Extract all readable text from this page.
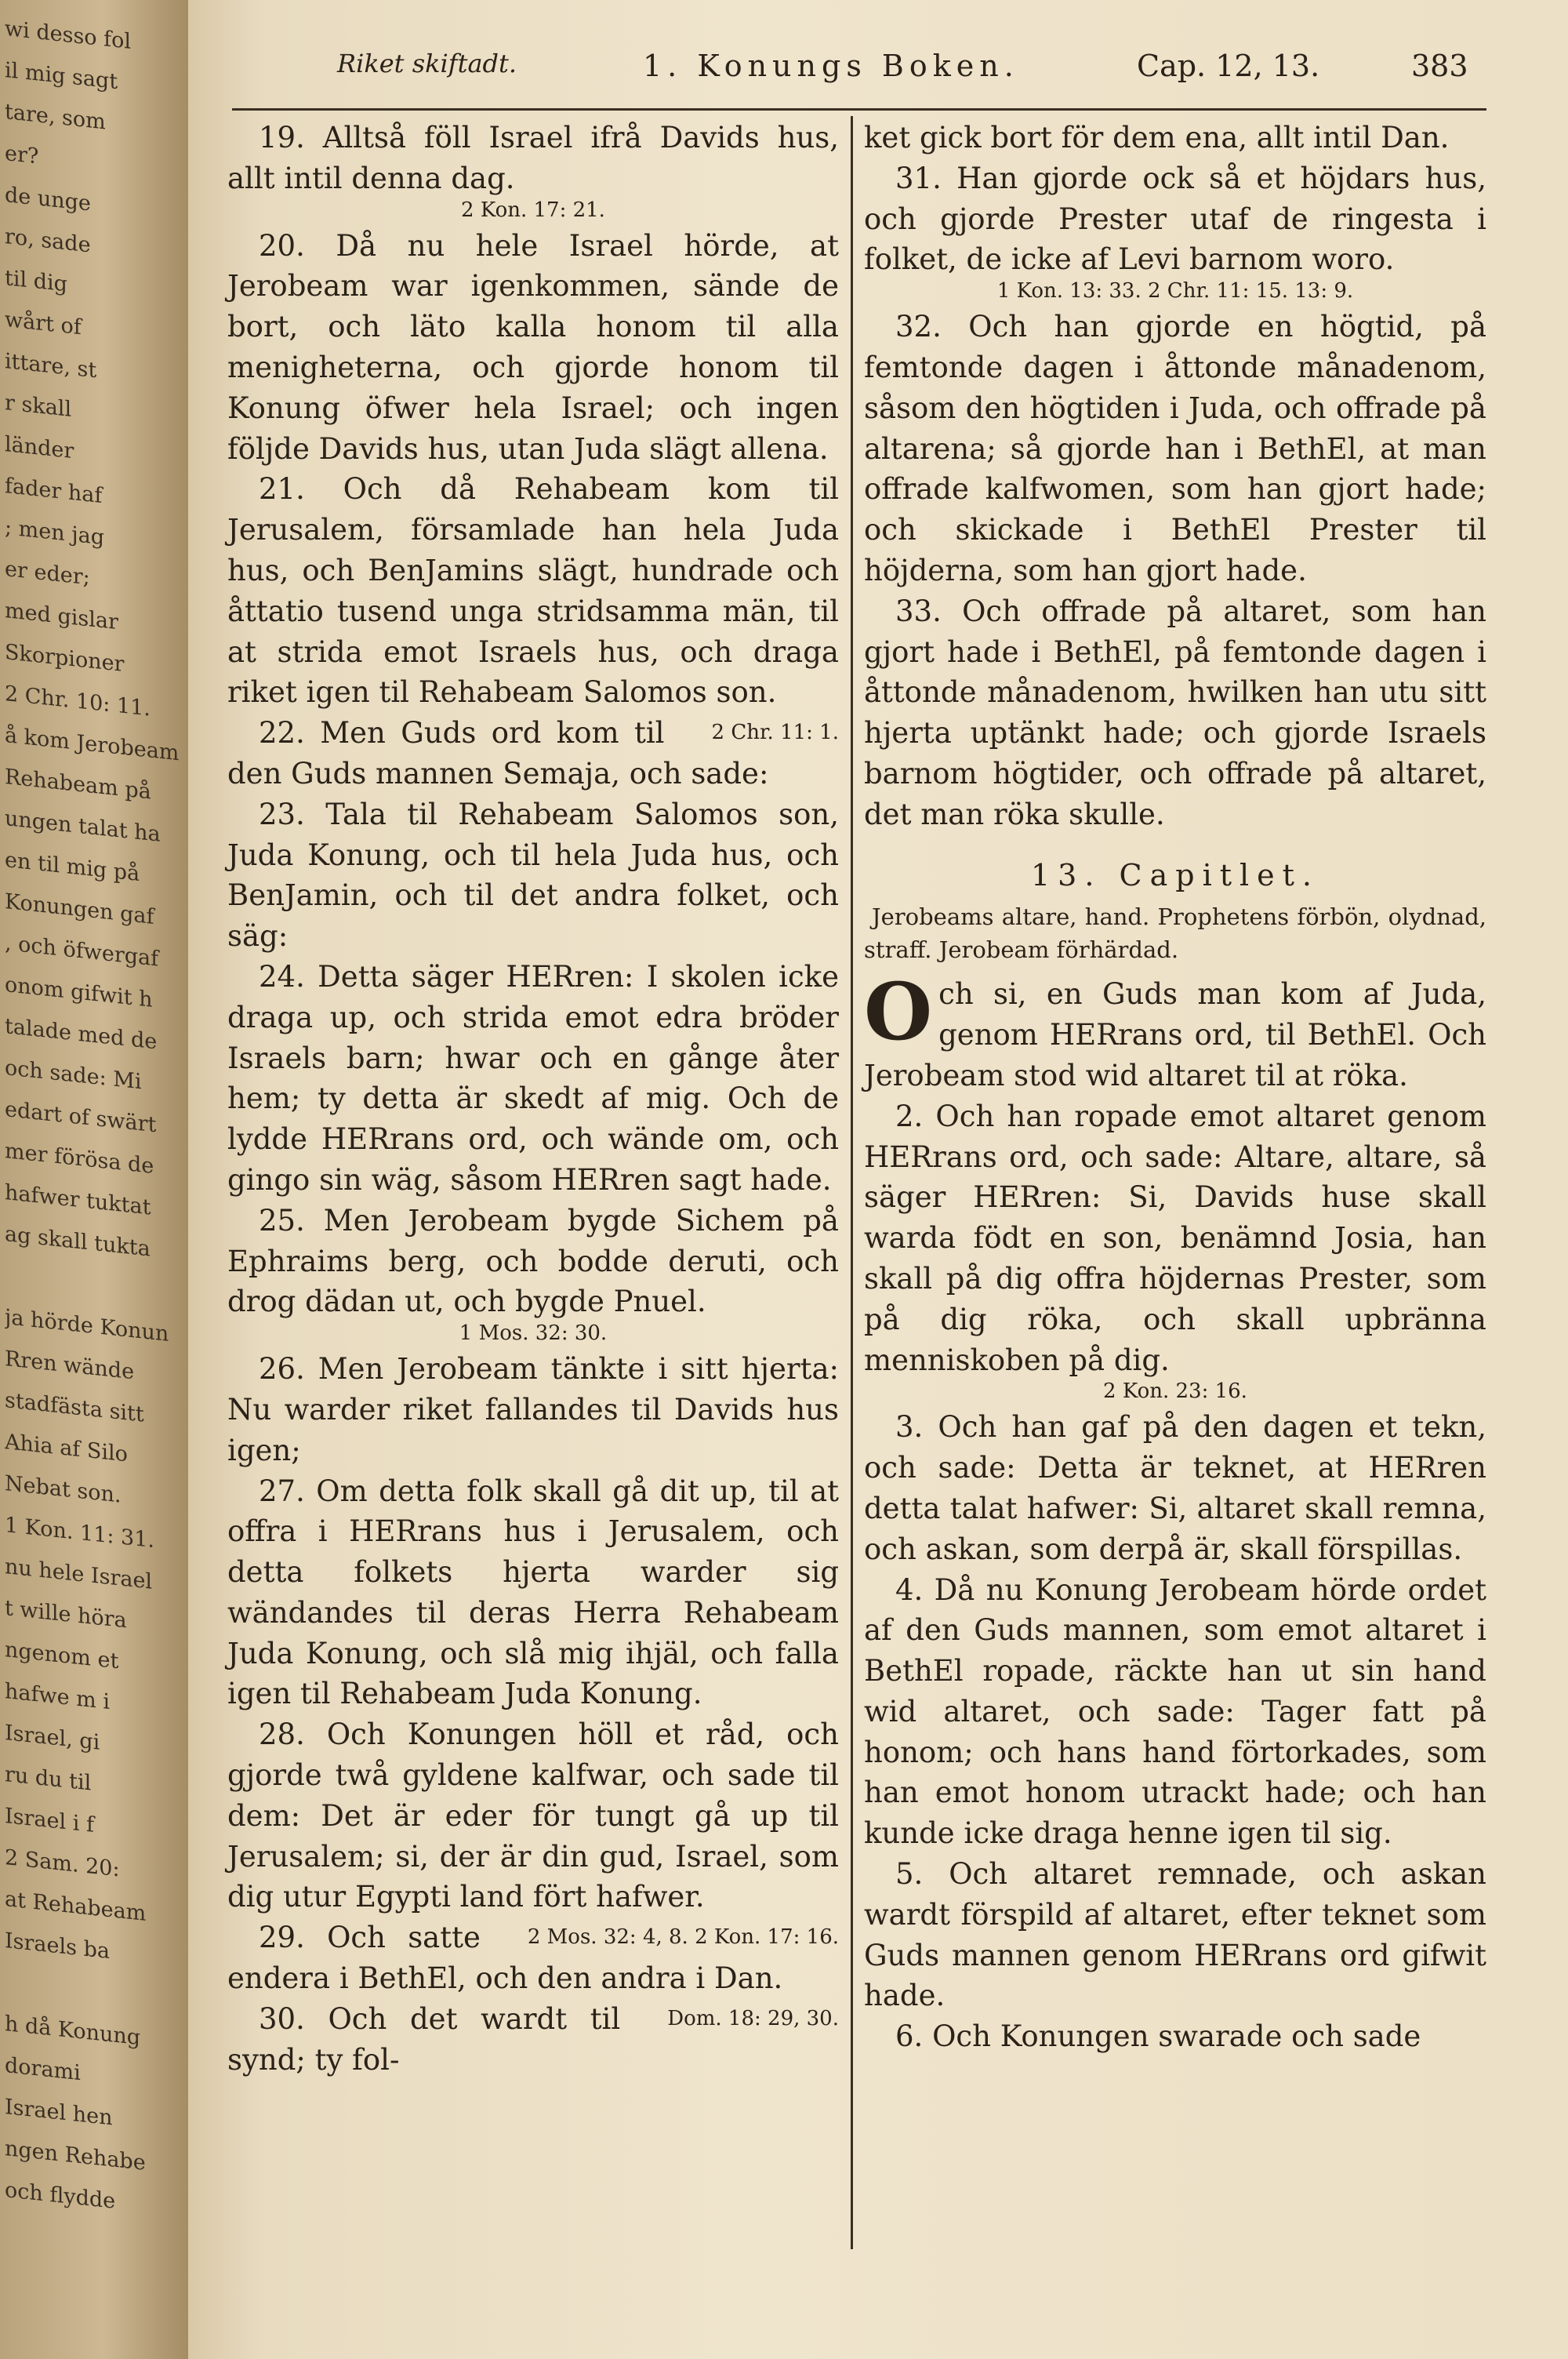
wi desso fol
il mig sagt
tare, som
er?
de unge
ro, sade
til dig
wårt of
ittare, st
r skall
länder
fader haf
; men jag
er eder;
med gislar
Skorpioner
2 Chr. 10: 11.
å kom Jerobeam
Rehabeam på
ungen talat ha
en til mig på
Konungen gaf
, och öfwergaf
onom gifwit h
talade med de
och sade: Mi
edart of swärt
mer förösa de
hafwer tuktat
ag skall tukta
ja hörde Konun
Rren wände
stadfästa sitt
Ahia af Silo
Nebat son.
1 Kon. 11: 31.
nu hele Israel
t wille höra
ngenom et
hafwe m i
Israel, gi
ru du til
Israel i f
2 Sam. 20:
at Rehabeam
Israels ba
h då Konung
dorami
Israel hen
ngen Rehabe
och flydde
Riket skiftadt.	1. Konungs Boken.	Cap. 12, 13.	383

19. Alltså föll Israel ifrå Davids hus, allt intil denna dag.

2 Kon. 17: 21.

20. Då nu hele Israel hörde, at Jerobeam war igenkommen, sände de bort, och läto kalla honom til alla menigheterna, och gjorde honom til Konung öfwer hela Israel; och ingen följde Davids hus, utan Juda slägt allena.

21. Och då Rehabeam kom til Jerusalem, församlade han hela Juda hus, och BenJamins slägt, hundrade och åttatio tusend unga stridsamma män, til at strida emot Israels hus, och draga riket igen til Rehabeam Salomos son.
2 Chr. 11: 1.

22. Men Guds ord kom til den Guds mannen Semaja, och sade:

23. Tala til Rehabeam Salomos son, Juda Konung, och til hela Juda hus, och BenJamin, och til det andra folket, och säg:

24. Detta säger HERren: I skolen icke draga up, och strida emot edra bröder Israels barn; hwar och en gånge åter hem; ty detta är skedt af mig. Och de lydde HERrans ord, och wände om, och gingo sin wäg, såsom HERren sagt hade.

25. Men Jerobeam bygde Sichem på Ephraims berg, och bodde deruti, och drog dädan ut, och bygde Pnuel.

1 Mos. 32: 30.

26. Men Jerobeam tänkte i sitt hjerta: Nu warder riket fallandes til Davids hus igen;

27. Om detta folk skall gå dit up, til at offra i HERrans hus i Jerusalem, och detta folkets hjerta warder sig wändandes til deras Herra Rehabeam Juda Konung, och slå mig ihjäl, och falla igen til Rehabeam Juda Konung.

28. Och Konungen höll et råd, och gjorde twå gyldene kalfwar, och sade til dem: Det är eder för tungt gå up til Jerusalem; si, der är din gud, Israel, som dig utur Egypti land fört hafwer.
2 Mos. 32: 4, 8. 2 Kon. 17: 16.

29. Och satte endera i BethEl, och den andra i Dan.
Dom. 18: 29, 30.

30. Och det wardt til synd; ty fol-

ket gick bort för dem ena, allt intil Dan.

31. Han gjorde ock så et höjdars hus, och gjorde Prester utaf de ringesta i folket, de icke af Levi barnom woro.

1 Kon. 13: 33. 2 Chr. 11: 15. 13: 9.

32. Och han gjorde en högtid, på femtonde dagen i åttonde månadenom, såsom den högtiden i Juda, och offrade på altarena; så gjorde han i BethEl, at man offrade kalfwomen, som han gjort hade; och skickade i BethEl Prester til höjderna, som han gjort hade.

33. Och offrade på altaret, som han gjort hade i BethEl, på femtonde dagen i åttonde månadenom, hwilken han utu sitt hjerta uptänkt hade; och gjorde Israels barnom högtider, och offrade på altaret, det man röka skulle.

13. Capitlet.
Jerobeams altare, hand. Prophetens förbön, olydnad, straff. Jerobeam förhärdad.

Och si, en Guds man kom af Juda, genom HERrans ord, til BethEl. Och Jerobeam stod wid altaret til at röka.

2. Och han ropade emot altaret genom HERrans ord, och sade: Altare, altare, så säger HERren: Si, Davids huse skall warda födt en son, benämnd Josia, han skall på dig offra höjdernas Prester, som på dig röka, och skall upbränna menniskoben på dig.

2 Kon. 23: 16.

3. Och han gaf på den dagen et tekn, och sade: Detta är teknet, at HERren detta talat hafwer: Si, altaret skall remna, och askan, som derpå är, skall förspillas.

4. Då nu Konung Jerobeam hörde ordet af den Guds mannen, som emot altaret i BethEl ropade, räckte han ut sin hand wid altaret, och sade: Tager fatt på honom; och hans hand förtorkades, som han emot honom utrackt hade; och han kunde icke draga henne igen til sig.

5. Och altaret remnade, och askan wardt förspild af altaret, efter teknet som Guds mannen genom HERrans ord gifwit hade.

6. Och Konungen swarade och sade
